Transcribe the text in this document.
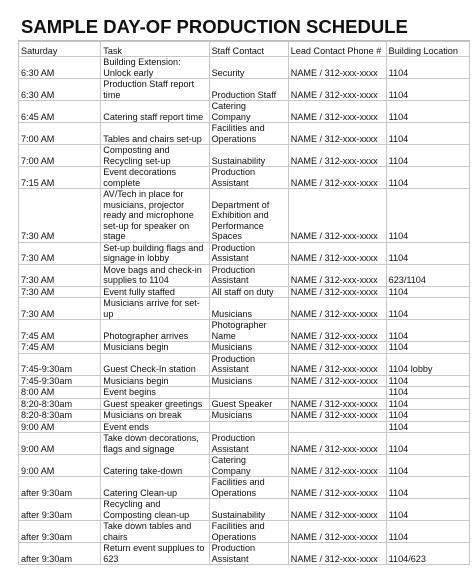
SAMPLE DAY-OF PRODUCTION SCHEDULE
Saturday	Task	Staff Contact	Lead Contact Phone #	Building Location
6:30 AM	Building Extension: Unlock early	Security	NAME / 312-xxx-xxxx	1104
6:30 AM	Production Staff report time	Production Staff	NAME / 312-xxx-xxxx	1104
6:45 AM	Catering staff report time	Catering Company	NAME / 312-xxx-xxxx	1104
7:00 AM	Tables and chairs set-up	Facilities and Operations	NAME / 312-xxx-xxxx	1104
7:00 AM	Composting and Recycling set-up	Sustainability	NAME / 312-xxx-xxxx	1104
7:15 AM	Event decorations complete	Production Assistant	NAME / 312-xxx-xxxx	1104
7:30 AM	AV/Tech in place for musicians, projector ready and microphone set-up for speaker on stage	Department of Exhibition and Performance Spaces	NAME / 312-xxx-xxxx	1104
7:30 AM	Set-up building flags and signage in lobby	Production Assistant	NAME / 312-xxx-xxxx	1104
7:30 AM	Move bags and check-in supplies to 1104	Production Assistant	NAME / 312-xxx-xxxx	623/1104
7:30 AM	Event fully staffed	All staff on duty	NAME / 312-xxx-xxxx	1104
7:30 AM	Musicians arrive for set-up	Musicians	NAME / 312-xxx-xxxx	1104
7:45 AM	Photographer arrives	Photographer Name	NAME / 312-xxx-xxxx	1104
7:45 AM	Musicians begin	Musicians	NAME / 312-xxx-xxxx	1104
7:45-9:30am	Guest Check-In station	Production Assistant	NAME / 312-xxx-xxxx	1104 lobby
7:45-9:30am	Musicians begin	Musicians	NAME / 312-xxx-xxxx	1104
8:00 AM	Event begins			1104
8:20-8:30am	Guest speaker greetings	Guest Speaker	NAME / 312-xxx-xxxx	1104
8:20-8:30am	Musicians on break	Musicians	NAME / 312-xxx-xxxx	1104
9:00 AM	Event ends			1104
9:00 AM	Take down decorations, flags and signage	Production Assistant	NAME / 312-xxx-xxxx	1104
9:00 AM	Catering take-down	Catering Company	NAME / 312-xxx-xxxx	1104
after 9:30am	Catering Clean-up	Facilities and Operations	NAME / 312-xxx-xxxx	1104
after 9:30am	Recycling and Composting clean-up	Sustainability	NAME / 312-xxx-xxxx	1104
after 9:30am	Take down tables and chairs	Facilities and Operations	NAME / 312-xxx-xxxx	1104
after 9:30am	Return event supplues to 623	Production Assistant	NAME / 312-xxx-xxxx	1104/623
